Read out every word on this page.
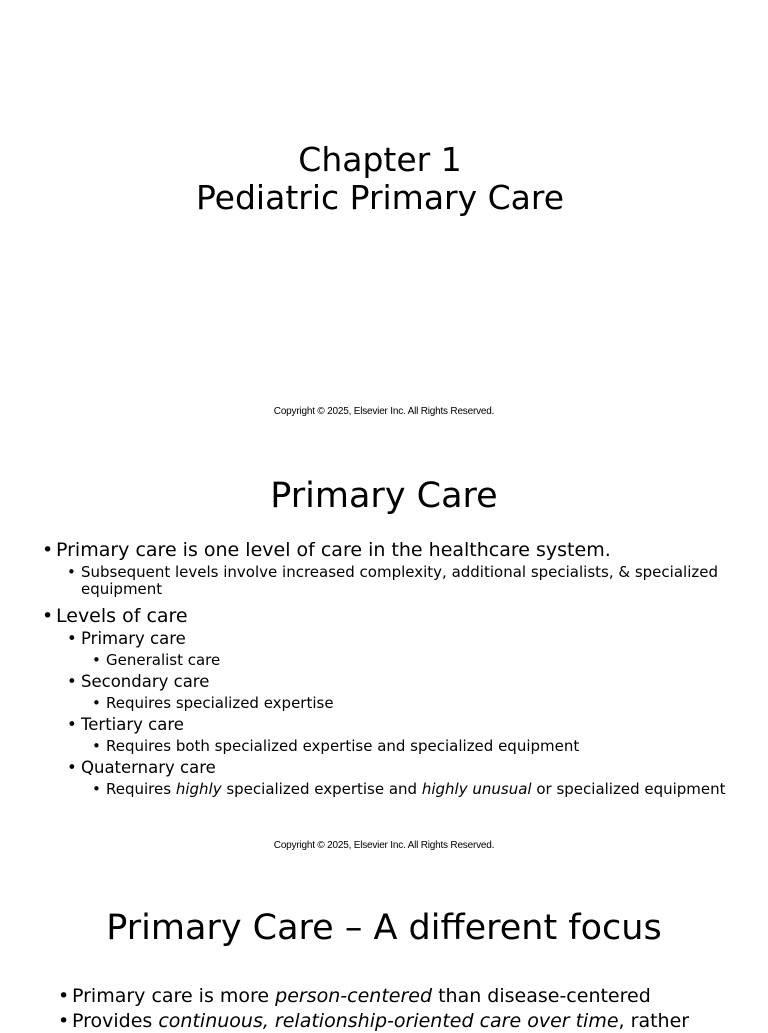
Chapter 1
Pediatric Primary Care
Copyright © 2025, Elsevier Inc. All Rights Reserved.
Primary Care
• Primary care is one level of care in the healthcare system.
• Subsequent levels involve increased complexity, additional specialists, & specialized equipment
• Levels of care
• Primary care
• Generalist care
• Secondary care
• Requires specialized expertise
• Tertiary care
• Requires both specialized expertise and specialized equipment
• Quaternary care
• Requires highly specialized expertise and highly unusual or specialized equipment
Copyright © 2025, Elsevier Inc. All Rights Reserved.
Primary Care – A different focus
• Primary care is more person-centered than disease-centered
• Provides continuous, relationship-oriented care over time, rather
